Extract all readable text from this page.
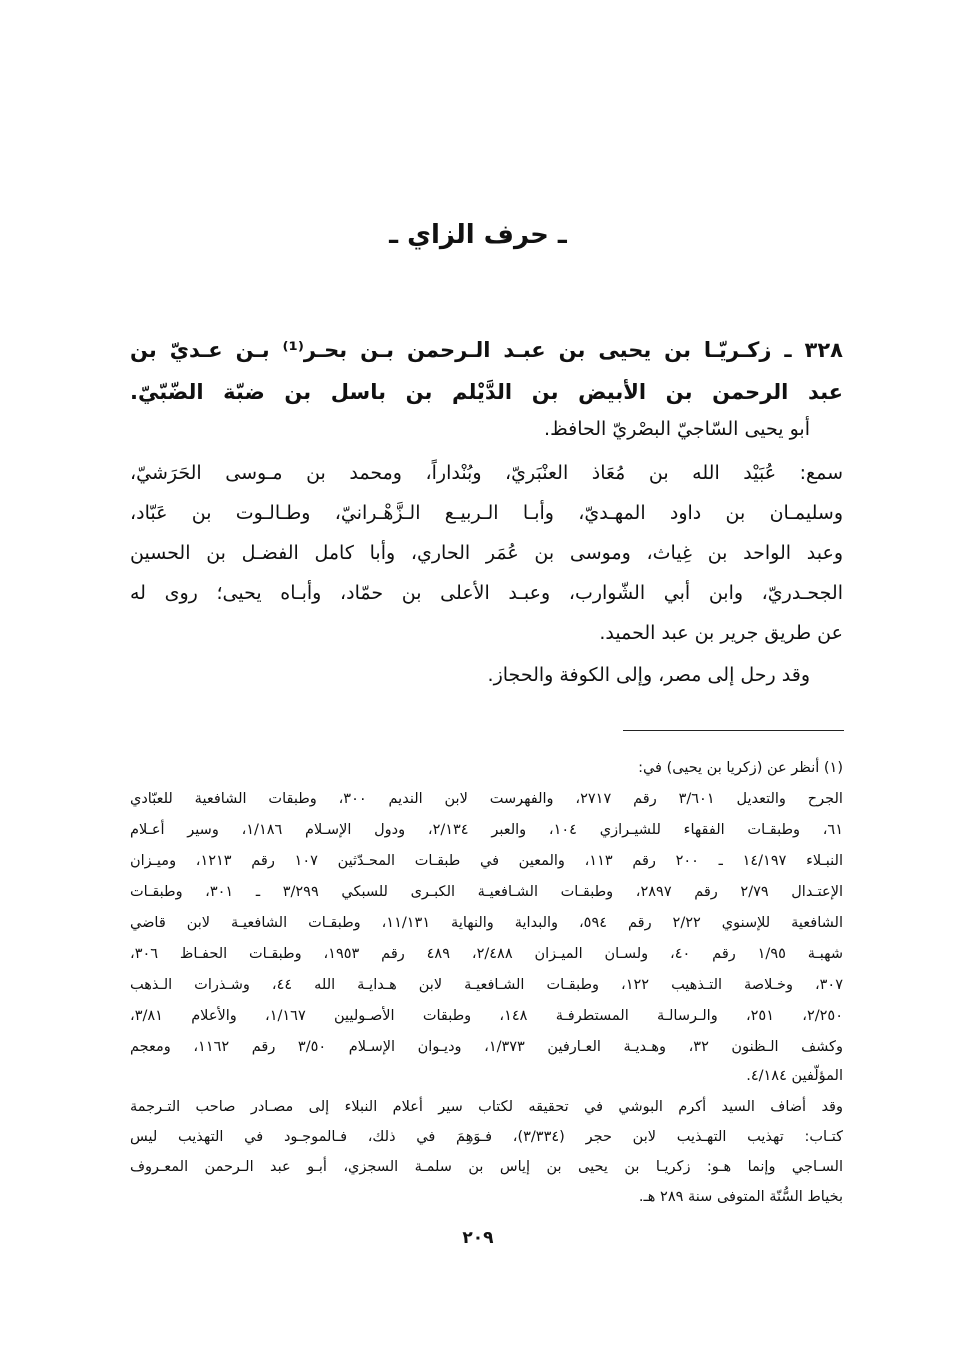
ـ حرف الزاي ـ
٣٢٨ ـ زكـريّـا بن يحيى بن عبـد الـرحمن بـن بحـر⁽¹⁾ بـن عـديّ بن
عبد الرحمن بن الأبيض بن الدَّيْلم بن باسل بن ضبّة الضّبّيّ.
أبو يحيى السّاجيّ البصْريّ الحافظ.
سمع: عُبَيْد الله بن مُعَاذ العنْبَريّ، وبُنْداراً، ومحمد بن مـوسى الحَرَشيّ،
وسليمـان بن داود المهـديّ، وأبـا الـربيـع الـزَّهْـرانيّ، وطـالـوت بن عَبّاد،
وعبد الواحد بن غِياث، وموسى بن عُمَر الحاري، وأبا كامل الفضـل بن الحسين
الجحـدريّ، وابن أبي الشّوارب، وعبـد الأعلى بن حمّاد، وأبـاه يحيى؛ روى له
عن طريق جرير بن عبد الحميد.
وقد رحل إلى مصر، وإلى الكوفة والحجاز.
(١) أنظر عن (زكريا بن يحيى) في:
الجرح والتعديل ٣/٦٠١ رقم ٢٧١٧، والفهرست لابن النديم ٣٠٠، وطبقات الشافعية للعبّادي
٦١، وطبقـات الفقهاء للشيـرازي ١٠٤، والعبر ٢/١٣٤، ودول الإسـلام ١/١٨٦، وسير أعـلام
النبـلاء ١٤/١٩٧ ـ ٢٠٠ رقم ١١٣، والمعين في طبقـات المحـدّثين ١٠٧ رقم ١٢١٣، وميـزان
الإعتـدال ٢/٧٩ رقم ٢٨٩٧، وطبقـات الشـافعيـة الكبـرى للسبكي ٣/٢٩٩ ـ ٣٠١، وطبقـات
الشافعية للإسنوي ٢/٢٢ رقم ٥٩٤، والبداية والنهاية ١١/١٣١، وطبقـات الشافعيـة لابن قاضي
شهبـة ١/٩٥ رقم ٤٠، ولسـان الميـزان ٢/٤٨٨، ٤٨٩ رقم ١٩٥٣، وطبقـات الحفـاظ ٣٠٦،
٣٠٧، وخـلاصة التـذهيب ١٢٢، وطبقـات الشـافعيـة لابن هـدايـة الله ٤٤، وشـذرات الـذهب
٢/٢٥٠، ٢٥١، والـرسالـة المستطرفـة ١٤٨، وطبقات الأصـوليين ١/١٦٧، والأعلام ٣/٨١،
وكشف الـظنون ٣٢، وهـديـة العـارفين ١/٣٧٣، وديـوان الإسـلام ٣/٥٠ رقم ١١٦٢، ومعجم
المؤلّفين ٤/١٨٤.
وقد أضاف السيد أكرم البوشي في تحقيقه لكتاب سير أعلام النبلاء إلى مصـادر صاحب التـرجمة
كتـاب: تهذيب التهـذيب لابن حجر (٣/٣٣٤)، فـوَهِمَ في ذلك، فـالموجـود في التهذيب ليس
السـاجي وإنما هـو: زكريـا بن يحيى بن إياس بن سلمـة السجزي، أبـو عبد الـرحمن المعـروف
بخياط السُّنّة المتوفى سنة ٢٨٩ هـ.
٢٠٩
